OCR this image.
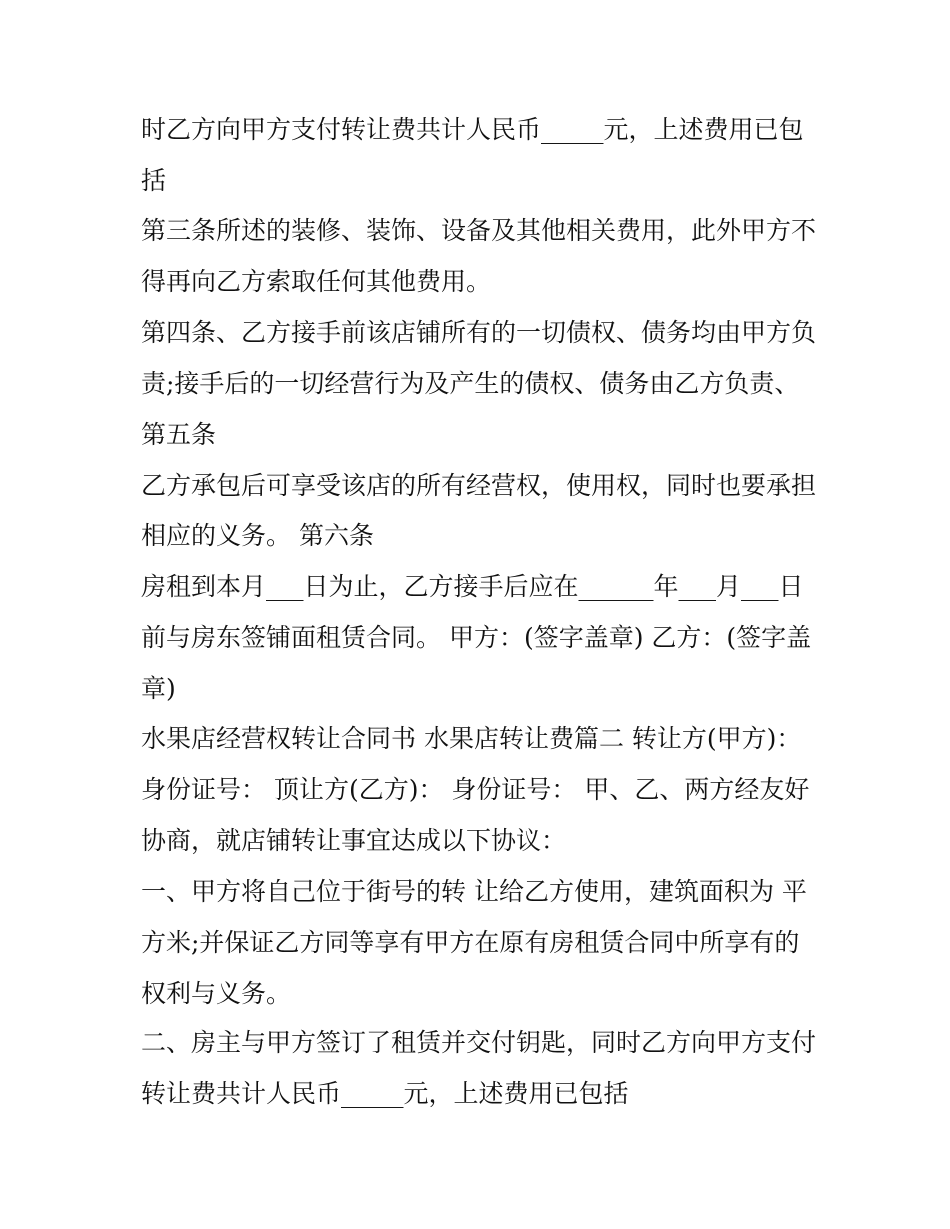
时乙方向甲方支付转让费共计人民币_____元，上述费用已包

括

第三条所述的装修、装饰、设备及其他相关费用，此外甲方不

得再向乙方索取任何其他费用。

第四条、乙方接手前该店铺所有的一切债权、债务均由甲方负

责;接手后的一切经营行为及产生的债权、债务由乙方负责、

第五条

乙方承包后可享受该店的所有经营权，使用权，同时也要承担

相应的义务。 第六条

房租到本月___日为止，乙方接手后应在______年___月___日

前与房东签铺面租赁合同。 甲方：(签字盖章) 乙方：(签字盖

章)

水果店经营权转让合同书 水果店转让费篇二 转让方(甲方)：

身份证号： 顶让方(乙方)： 身份证号： 甲、乙、两方经友好

协商，就店铺转让事宜达成以下协议：

一、甲方将自己位于街号的转 让给乙方使用，建筑面积为 平

方米;并保证乙方同等享有甲方在原有房租赁合同中所享有的

权利与义务。

二、房主与甲方签订了租赁并交付钥匙，同时乙方向甲方支付

转让费共计人民币_____元，上述费用已包括
